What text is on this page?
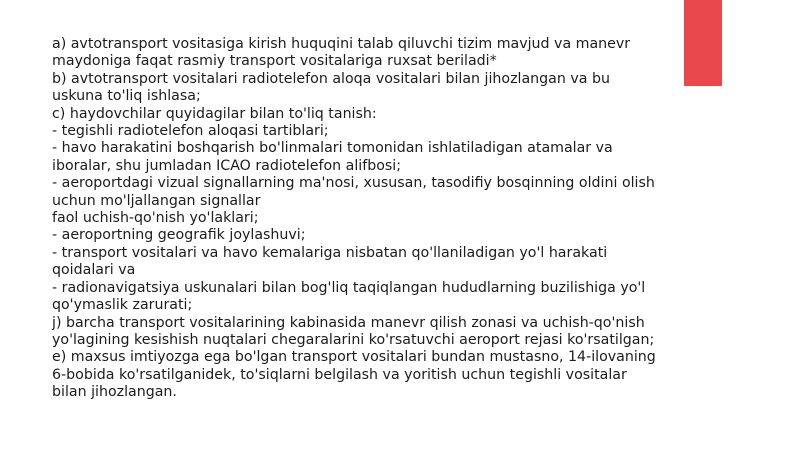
a) avtotransport vositasiga kirish huquqini talab qiluvchi tizim mavjud va manevr
maydoniga faqat rasmiy transport vositalariga ruxsat beriladi*
b) avtotransport vositalari radiotelefon aloqa vositalari bilan jihozlangan va bu
uskuna to'liq ishlasa;
c) haydovchilar quyidagilar bilan to'liq tanish:
- tegishli radiotelefon aloqasi tartiblari;
- havo harakatini boshqarish bo'linmalari tomonidan ishlatiladigan atamalar va
iboralar, shu jumladan ICAO radiotelefon alifbosi;
- aeroportdagi vizual signallarning ma'nosi, xususan, tasodifiy bosqinning oldini olish
uchun mo'ljallangan signallar
faol uchish-qo'nish yo'laklari;
- aeroportning geografik joylashuvi;
- transport vositalari va havo kemalariga nisbatan qo'llaniladigan yo'l harakati
qoidalari va
- radionavigatsiya uskunalari bilan bog'liq taqiqlangan hududlarning buzilishiga yo'l
qo'ymaslik zarurati;
j) barcha transport vositalarining kabinasida manevr qilish zonasi va uchish-qo'nish
yo'lagining kesishish nuqtalari chegaralarini ko'rsatuvchi aeroport rejasi ko'rsatilgan;
e) maxsus imtiyozga ega bo'lgan transport vositalari bundan mustasno, 14-ilovaning
6-bobida ko'rsatilganidek, to'siqlarni belgilash va yoritish uchun tegishli vositalar
bilan jihozlangan.
